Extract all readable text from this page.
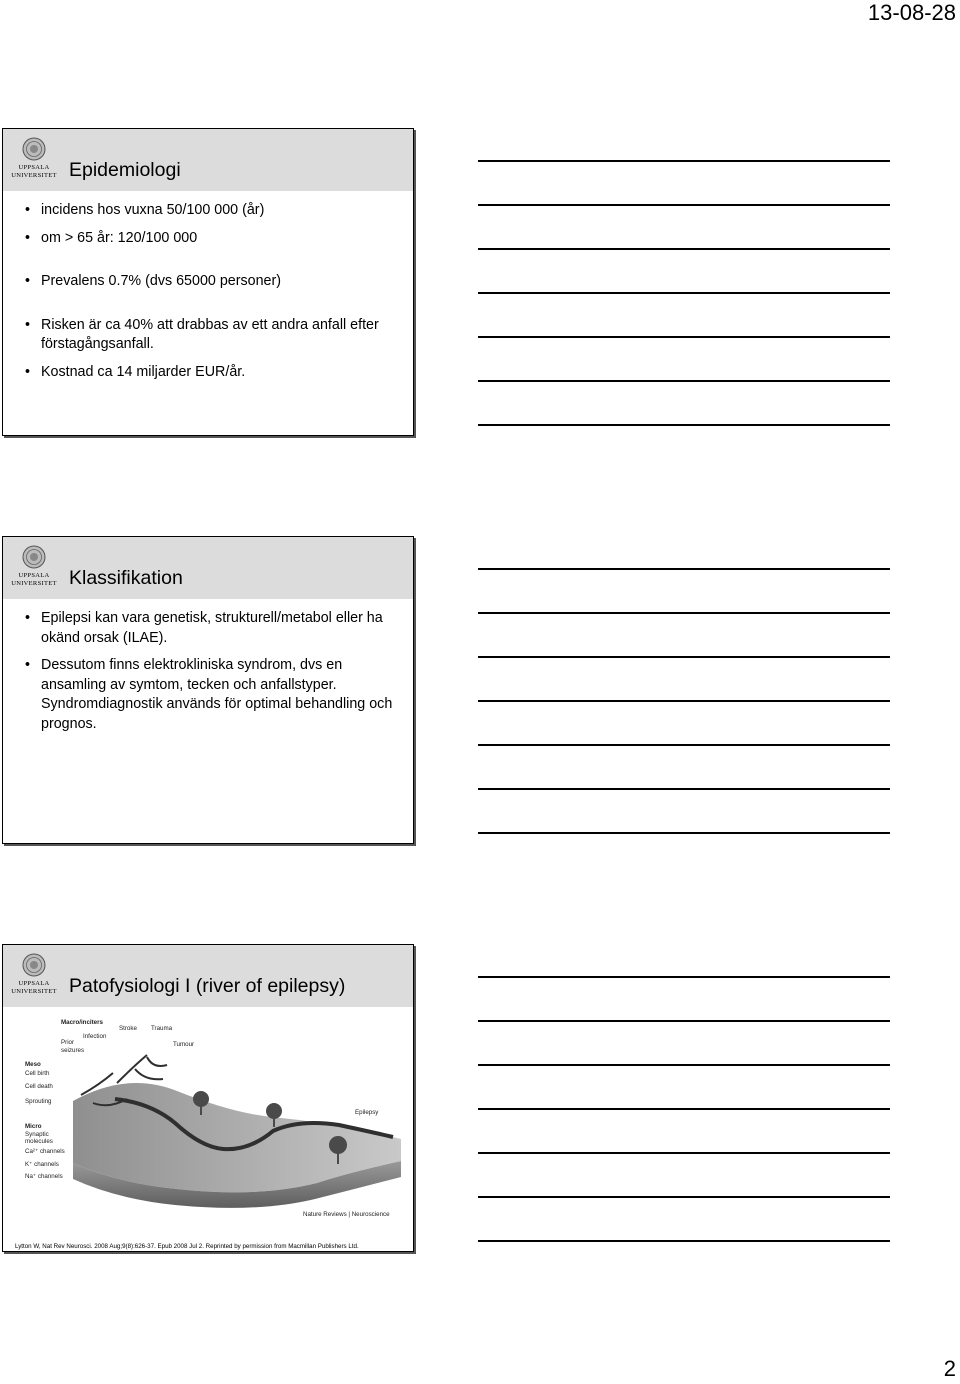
13-08-28
UPPSALA
UNIVERSITET Epidemiologi
• incidens hos vuxna 50/100 000 (år)
• om > 65 år: 120/100 000
• Prevalens 0.7% (dvs 65000 personer)
• Risken är ca 40% att drabbas av ett andra anfall efter förstagångsanfall.
• Kostnad ca 14 miljarder EUR/år.
UPPSALA
UNIVERSITET Klassifikation
• Epilepsi kan vara genetisk, strukturell/metabol eller ha okänd orsak (ILAE).
• Dessutom finns elektrokliniska syndrom, dvs en ansamling av symtom, tecken och anfallstyper. Syndromdiagnostik används för optimal behandling och prognos.
UPPSALA
UNIVERSITET Patofysiologi I (river of epilepsy)
Macro/inciters
Infection
Stroke Trauma
Prior
seizures
Tumour
Meso
Cell birth
Cell death
Sprouting
Epilepsy
Micro
Synaptic
molecules
Ca²⁺ channels
K⁺ channels
Na⁺ channels
Nature Reviews | Neuroscience
Lytton W, Nat Rev Neurosci. 2008 Aug;9(8):626-37. Epub 2008 Jul 2. Reprinted by permission from Macmillan Publishers Ltd.
2
